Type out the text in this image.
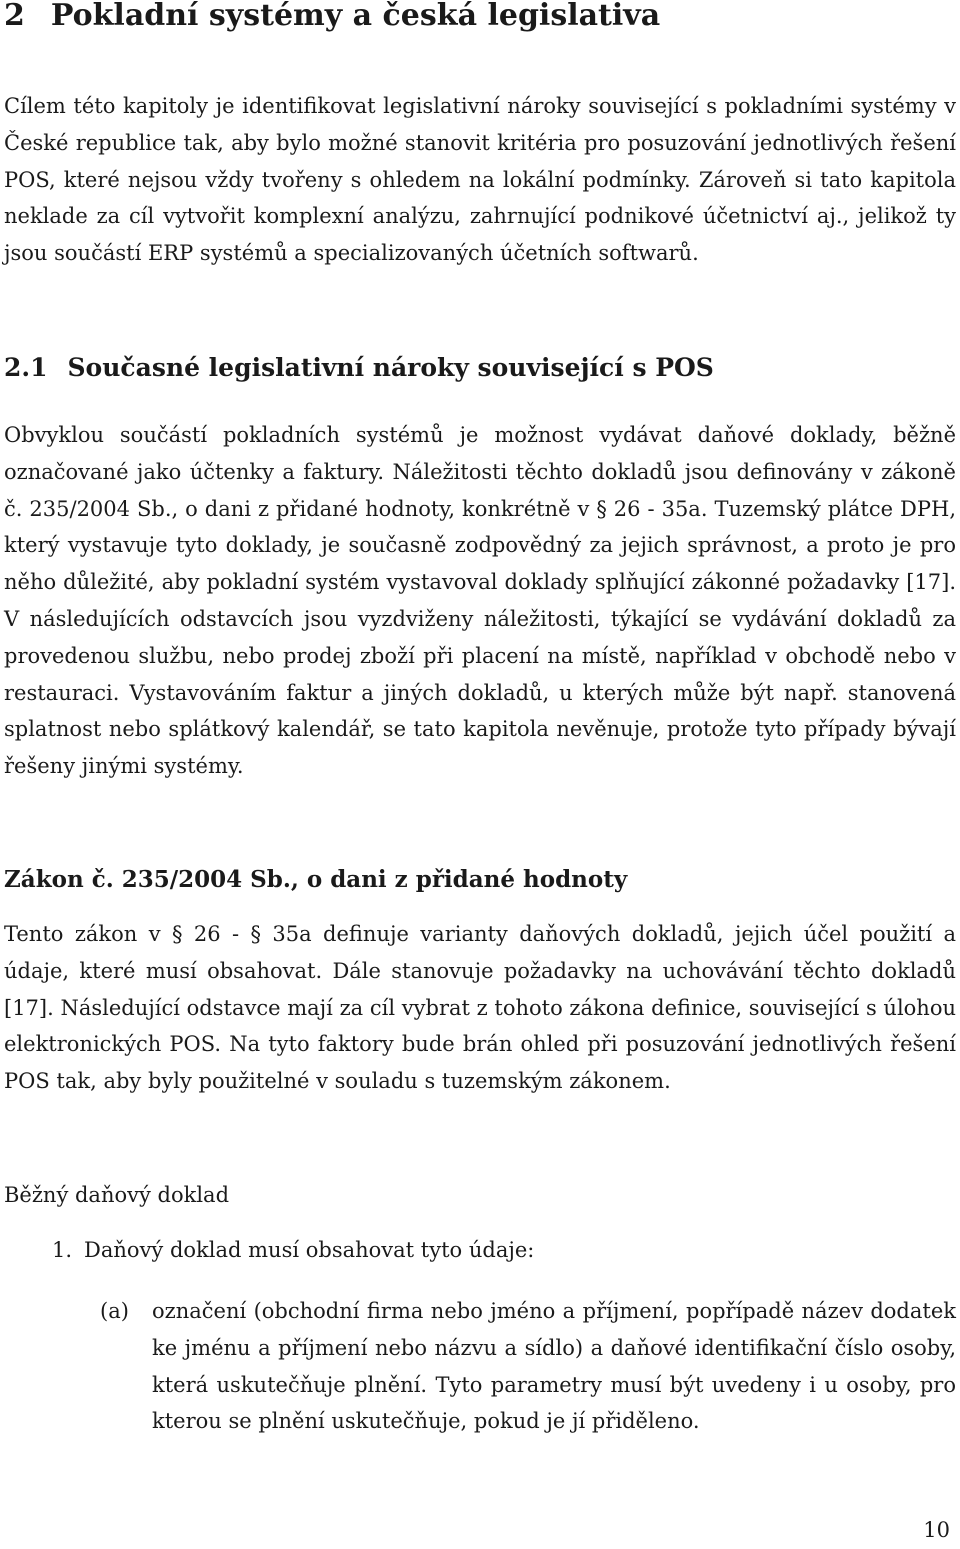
2 Pokladní systémy a česká legislativa

Cílem této kapitoly je identifikovat legislativní nároky související s pokladními systémy v České republice tak, aby bylo možné stanovit kritéria pro posuzování jednotlivých řešení POS, které nejsou vždy tvořeny s ohledem na lokální podmínky. Zároveň si tato kapitola neklade za cíl vytvořit komplexní analýzu, zahrnující podnikové účetnictví aj., jelikož ty jsou součástí ERP systémů a specializovaných účetních softwarů.

2.1 Současné legislativní nároky související s POS

Obvyklou součástí pokladních systémů je možnost vydávat daňové doklady, běžně označované jako účtenky a faktury. Náležitosti těchto dokladů jsou definovány v zákoně č. 235/2004 Sb., o dani z přidané hodnoty, konkrétně v § 26 - 35a. Tuzemský plátce DPH, který vystavuje tyto doklady, je současně zodpovědný za jejich správnost, a proto je pro něho důležité, aby pokladní systém vystavoval doklady splňující zákonné požadavky [17]. V následujících odstavcích jsou vyzdviženy náležitosti, týkající se vydávání dokladů za provedenou službu, nebo prodej zboží při placení na místě, například v obchodě nebo v restauraci. Vystavováním faktur a jiných dokladů, u kterých může být např. stanovená splatnost nebo splátkový kalendář, se tato kapitola nevěnuje, protože tyto případy bývají řešeny jinými systémy.

Zákon č. 235/2004 Sb., o dani z přidané hodnoty

Tento zákon v § 26 - § 35a definuje varianty daňových dokladů, jejich účel použití a údaje, které musí obsahovat. Dále stanovuje požadavky na uchovávání těchto dokladů [17]. Následující odstavce mají za cíl vybrat z tohoto zákona definice, související s úlohou elektronických POS. Na tyto faktory bude brán ohled při posuzování jednotlivých řešení POS tak, aby byly použitelné v souladu s tuzemským zákonem.

Běžný daňový doklad
1. Daňový doklad musí obsahovat tyto údaje:
(a) označení (obchodní firma nebo jméno a příjmení, popřípadě název dodatek ke jménu a příjmení nebo názvu a sídlo) a daňové identifikační číslo osoby, která uskutečňuje plnění. Tyto parametry musí být uvedeny i u osoby, pro kterou se plnění uskutečňuje, pokud je jí přiděleno.

10
